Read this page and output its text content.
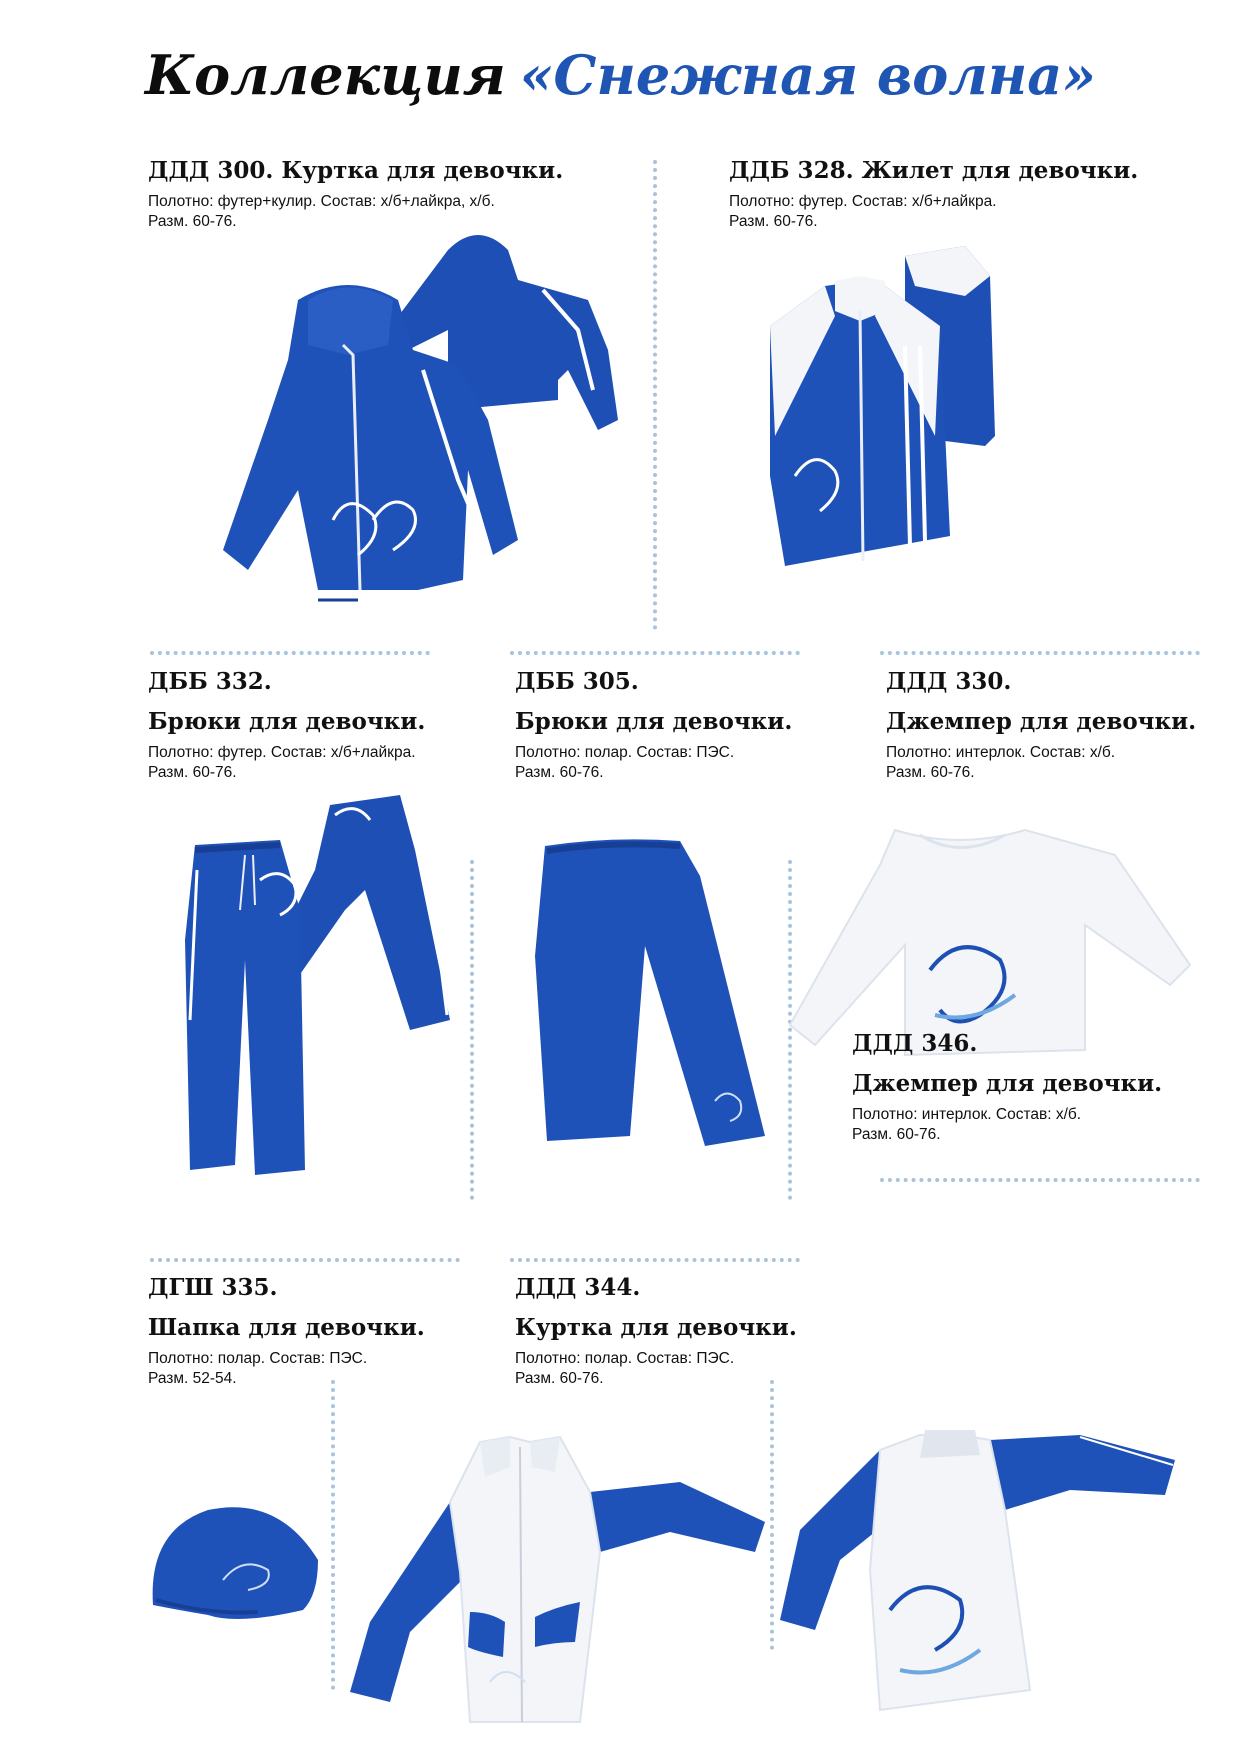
Коллекция «Снежная волна»
ДДД 300. Куртка для девочки.
Полотно: футер+кулир. Состав: х/б+лайкра, х/б.
Разм. 60-76.
ДДБ 328. Жилет для девочки.
Полотно: футер. Состав: х/б+лайкра.
Разм. 60-76.
ДББ 332.
Брюки для девочки.
Полотно: футер. Состав: х/б+лайкра.
Разм. 60-76.
ДББ 305.
Брюки для девочки.
Полотно: полар. Состав: ПЭС.
Разм. 60-76.
ДДД 330.
Джемпер для девочки.
Полотно: интерлок. Состав: х/б.
Разм. 60-76.
ДГШ 335.
Шапка для девочки.
Полотно: полар. Состав: ПЭС.
Разм. 52-54.
ДДД 344.
Куртка для девочки.
Полотно: полар. Состав: ПЭС.
Разм. 60-76.
ДДД 346.
Джемпер для девочки.
Полотно: интерлок. Состав: х/б.
Разм. 60-76.
